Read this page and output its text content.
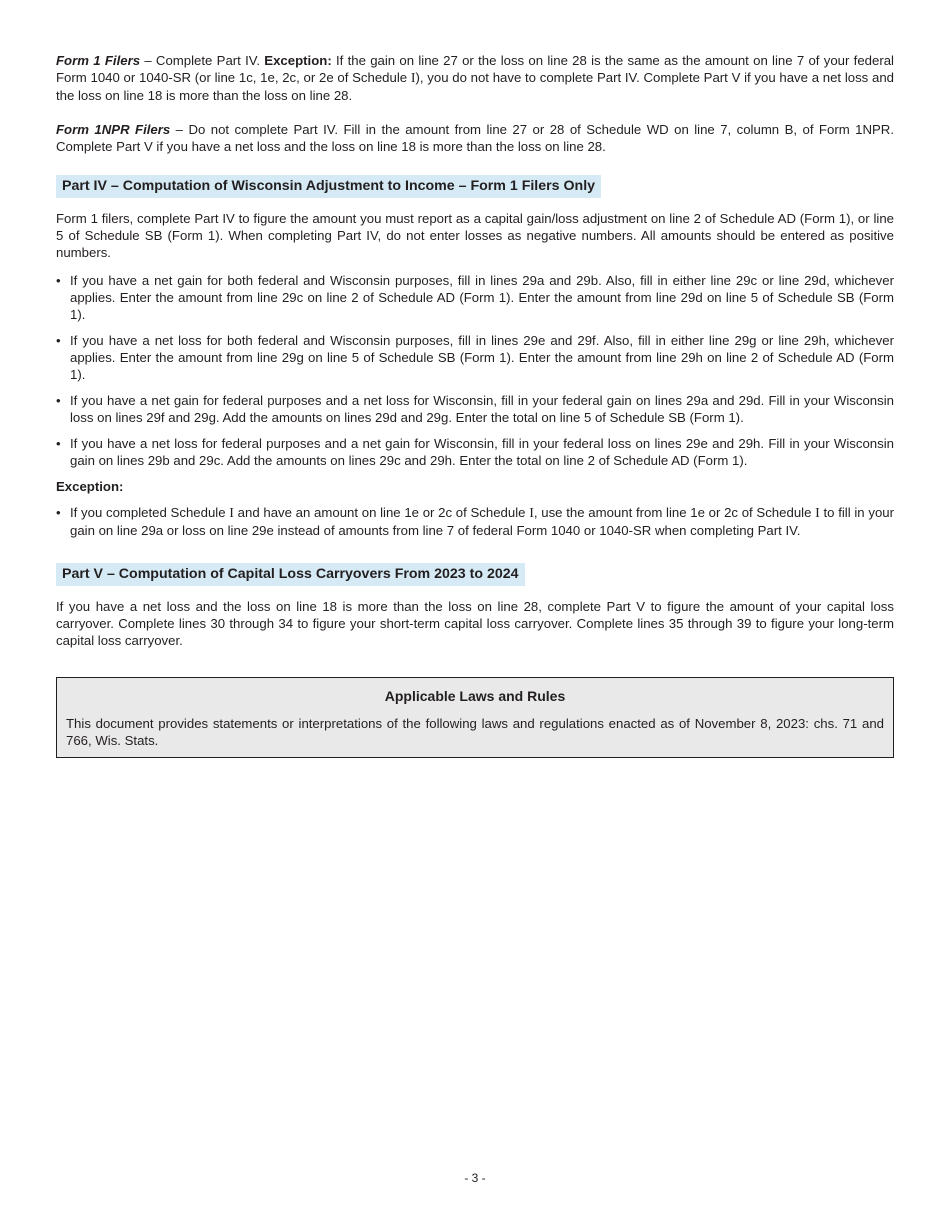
Form 1 Filers – Complete Part IV. Exception: If the gain on line 27 or the loss on line 28 is the same as the amount on line 7 of your federal Form 1040 or 1040-SR (or line 1c, 1e, 2c, or 2e of Schedule I), you do not have to complete Part IV. Complete Part V if you have a net loss and the loss on line 18 is more than the loss on line 28.

Form 1NPR Filers – Do not complete Part IV. Fill in the amount from line 27 or 28 of Schedule WD on line 7, column B, of Form 1NPR. Complete Part V if you have a net loss and the loss on line 18 is more than the loss on line 28.

Part IV – Computation of Wisconsin Adjustment to Income – Form 1 Filers Only

Form 1 filers, complete Part IV to figure the amount you must report as a capital gain/loss adjustment on line 2 of Schedule AD (Form 1), or line 5 of Schedule SB (Form 1). When completing Part IV, do not enter losses as negative numbers. All amounts should be entered as positive numbers.

• If you have a net gain for both federal and Wisconsin purposes, fill in lines 29a and 29b. Also, fill in either line 29c or line 29d, whichever applies. Enter the amount from line 29c on line 2 of Schedule AD (Form 1). Enter the amount from line 29d on line 5 of Schedule SB (Form 1).
• If you have a net loss for both federal and Wisconsin purposes, fill in lines 29e and 29f. Also, fill in either line 29g or line 29h, whichever applies. Enter the amount from line 29g on line 5 of Schedule SB (Form 1). Enter the amount from line 29h on line 2 of Schedule AD (Form 1).
• If you have a net gain for federal purposes and a net loss for Wisconsin, fill in your federal gain on lines 29a and 29d. Fill in your Wisconsin loss on lines 29f and 29g. Add the amounts on lines 29d and 29g. Enter the total on line 5 of Schedule SB (Form 1).
• If you have a net loss for federal purposes and a net gain for Wisconsin, fill in your federal loss on lines 29e and 29h. Fill in your Wisconsin gain on lines 29b and 29c. Add the amounts on lines 29c and 29h. Enter the total on line 2 of Schedule AD (Form 1).
Exception:
• If you completed Schedule I and have an amount on line 1e or 2c of Schedule I, use the amount from line 1e or 2c of Schedule I to fill in your gain on line 29a or loss on line 29e instead of amounts from line 7 of federal Form 1040 or 1040-SR when completing Part IV.
Part V – Computation of Capital Loss Carryovers From 2023 to 2024

If you have a net loss and the loss on line 18 is more than the loss on line 28, complete Part V to figure the amount of your capital loss carryover. Complete lines 30 through 34 to figure your short-term capital loss carryover. Complete lines 35 through 39 to figure your long-term capital loss carryover.

Applicable Laws and Rules

This document provides statements or interpretations of the following laws and regulations enacted as of November 8, 2023: chs. 71 and 766, Wis. Stats.

- 3 -
